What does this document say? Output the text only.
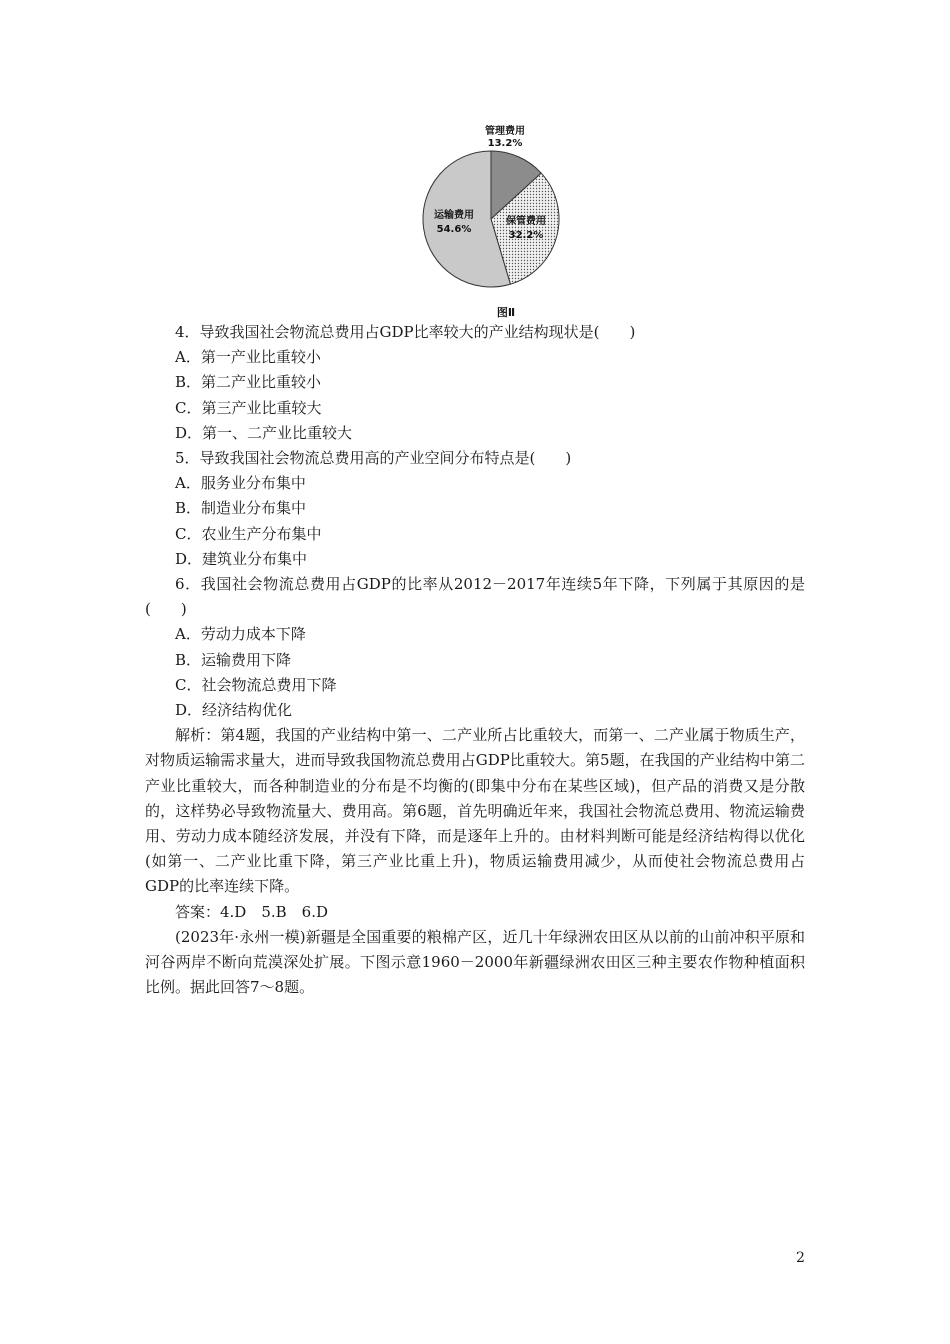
管理费用
13.2%
保管费用
32.2%
运输费用
54.6%
图Ⅱ

4．导致我国社会物流总费用占GDP比率较大的产业结构现状是(　　)

A．第一产业比重较小

B．第二产业比重较小

C．第三产业比重较大

D．第一、二产业比重较大

5．导致我国社会物流总费用高的产业空间分布特点是(　　)

A．服务业分布集中

B．制造业分布集中

C．农业生产分布集中

D．建筑业分布集中

6．我国社会物流总费用占GDP的比率从2012－2017年连续5年下降，下列属于其原因的是(　　)

A．劳动力成本下降

B．运输费用下降

C．社会物流总费用下降

D．经济结构优化

解析：第4题，我国的产业结构中第一、二产业所占比重较大，而第一、二产业属于物质生产，对物质运输需求量大，进而导致我国物流总费用占GDP比重较大。第5题，在我国的产业结构中第二产业比重较大，而各种制造业的分布是不均衡的(即集中分布在某些区域)，但产品的消费又是分散的，这样势必导致物流量大、费用高。第6题，首先明确近年来，我国社会物流总费用、物流运输费用、劳动力成本随经济发展，并没有下降，而是逐年上升的。由材料判断可能是经济结构得以优化(如第一、二产业比重下降，第三产业比重上升)，物质运输费用减少，从而使社会物流总费用占GDP的比率连续下降。

答案：4.D　5.B　6.D

(2023年·永州一模)新疆是全国重要的粮棉产区，近几十年绿洲农田区从以前的山前冲积平原和河谷两岸不断向荒漠深处扩展。下图示意1960－2000年新疆绿洲农田区三种主要农作物种植面积比例。据此回答7～8题。

2
